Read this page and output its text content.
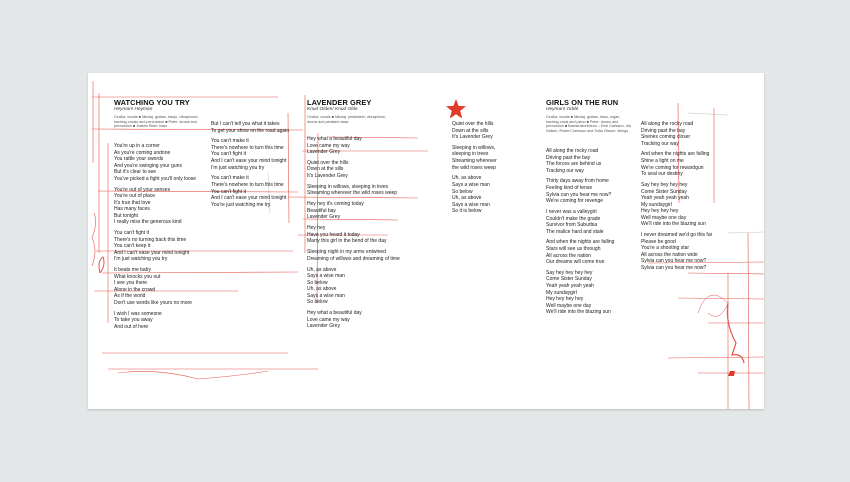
WATCHING YOU TRY
Heyman! Heyman
Cecilia: vocals ■ Nikolaj: guitars, banjo, vibraphone, backing vocals and percussion ■ Peter: drums and percussion ■ Joakim Ekler: bass
You're up in a corner
As you're coming undone
You rattle your swords
And you're swinging your guns
But it's clear to see
You've picked a fight you'll only loose
You're out of your senses
You're out of place
It's true that love
Has many faces
But tonight
I really miss the generous kind
You can't fight it
There's no turning back this time
You can't keep it
And I can't ease your mind tonight
I'm just watching you try
It beats me baby
What knocks you out
I see you there
Alone in the crowd
As if the world
Don't use words like yours no more
I wish I was someone
To take you away
And out of here
But I can't tell you what it takes
To get your show on the road again
You can't make it
There's nowhere to turn this time
You can't fight it
And I can't ease your mind tonight
I'm just watching you try
You can't make it
There's nowhere to turn this time
You can't fight it
And I can't ease your mind tonight
You're just watching me try
LAVENDER GREY
Knud Olden/ Knud Olde
Cecilia: vocals ■ Nikolaj: pedalsteel, vibraphone, drums and pedals/e-bass
Hey what a beautiful day
Love came my way
Lavender Grey
Quiet over the hills
Down at the sills
It's Lavender Grey
Sleeping in willows, sleeping in trees
Streaming wherever the wild roses weep
Hey hey it's coming today
Beautiful bay
Lavender Grey
Hey hey
Have you heard it today
Marry this girl in the bend of the day
Sleeping night in my arms entwined
Dreaming of willows and dreaming of time
Uh, as above
Says a wise man
So below
Uh, as above
Says a wise man
So below
Hey what a beautiful day
Love came my way
Lavender Grey
Quiet over the hills
Down at the sills
It's Lavender Grey
Sleeping in willows,
sleeping in trees
Streaming wherever
the wild roses weep
Uh, as above
Says a wise man
So below
Uh, as above
Says a wise man
So it is below
GIRLS ON THE RUN
Heyman! Oddé
Cecilia: vocals ■ Nikolaj: guitars, bass, organ, backing vocal and piano ■ Peter: drums and percussion ■ Balestrakorkheon – Emil Carlsson, Ida Dalsen, Robert Carlsson and Sofia Olsson: strings
All along the rocky road
Driving past the bay
The forces are behind us
Tracking our way
Thirty days away from home
Feeling kind of tense
Sylvia can you hear me now?
We're coming for revenge
I never was a valleygirl
Couldn't make the grade
Survivor from Suburbia
The malice hard and stale
And when the nights are falling
Stars will see us through
All across the nation
Our dreams will come true
Say hey hey hey hey
Come Sister Sunday
Yeah yeah yeah yeah
My sundaygirl
Hey hey hey hey
Well maybe one day
We'll ride into the blazing sun
All along the rocky road
Driving past the bay
Sirenes coming closer
Tracking our way
And when the nights are falling
Shine a light on me
We're coming for rewardgun
To seal our destiny
Say hey hey hey hey
Come Sister Sunday
Yeah yeah yeah yeah
My sundaygirl
Hey hey hey hey
Well maybe one day
We'll ride into the blazing sun
I never dreamed we'd go this far
Please be good
You're a shooting star
All across the nation wide
Sylvia can you hear me now?
Sylvia can you hear me now?
